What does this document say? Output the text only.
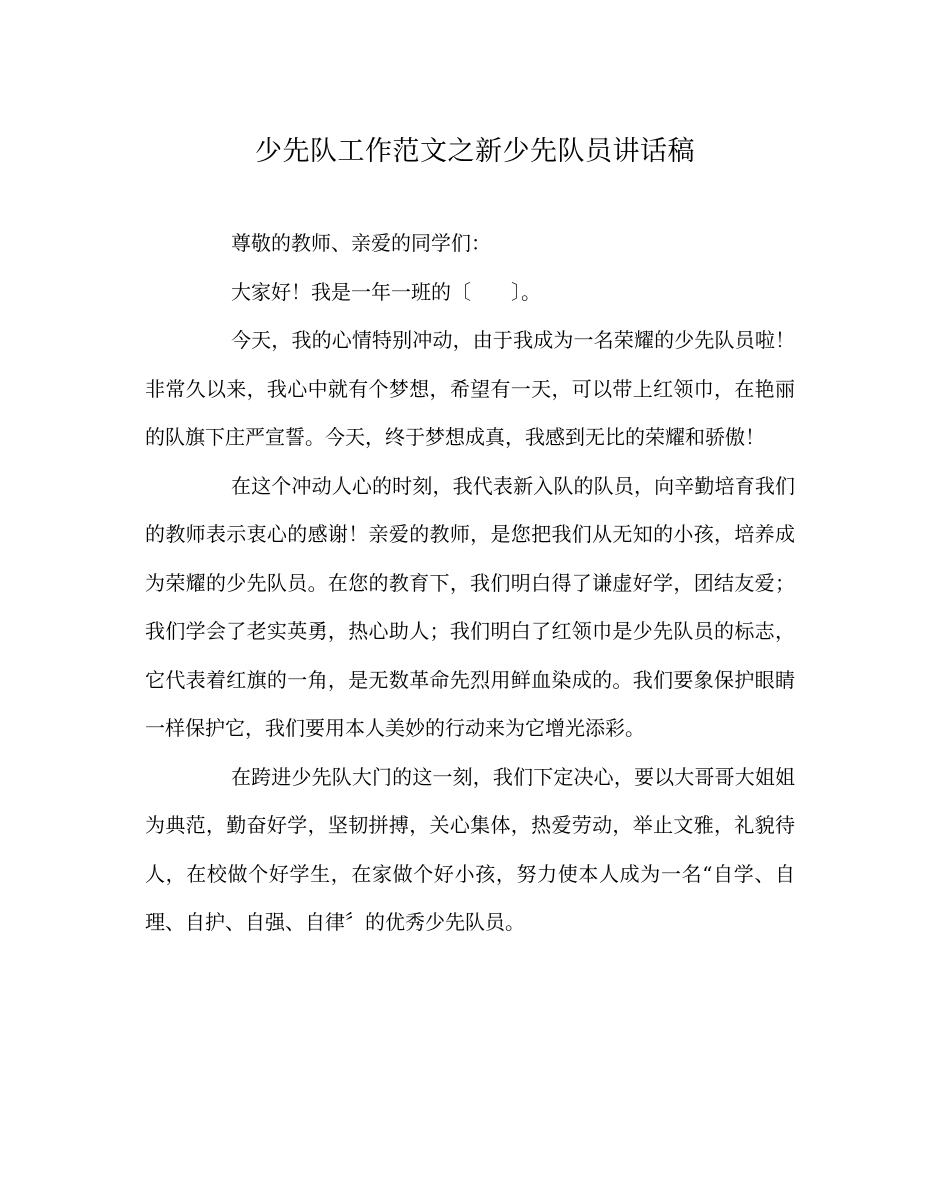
少先队工作范文之新少先队员讲话稿

尊敬的教师、亲爱的同学们：

大家好！我是一年一班的〔　　〕。

今天，我的心情特别冲动，由于我成为一名荣耀的少先队员啦！非常久以来，我心中就有个梦想，希望有一天，可以带上红领巾，在艳丽的队旗下庄严宣誓。今天，终于梦想成真，我感到无比的荣耀和骄傲！

在这个冲动人心的时刻，我代表新入队的队员，向辛勤培育我们的教师表示衷心的感谢！亲爱的教师，是您把我们从无知的小孩，培养成为荣耀的少先队员。在您的教育下，我们明白得了谦虚好学，团结友爱；我们学会了老实英勇，热心助人；我们明白了红领巾是少先队员的标志，它代表着红旗的一角，是无数革命先烈用鲜血染成的。我们要象保护眼睛一样保护它，我们要用本人美妙的行动来为它增光添彩。

在跨进少先队大门的这一刻，我们下定决心，要以大哥哥大姐姐为典范，勤奋好学，坚韧拼搏，关心集体，热爱劳动，举止文雅，礼貌待人，在校做个好学生，在家做个好小孩，努力使本人成为一名“自学、自理、自护、自强、自律〞的优秀少先队员。
